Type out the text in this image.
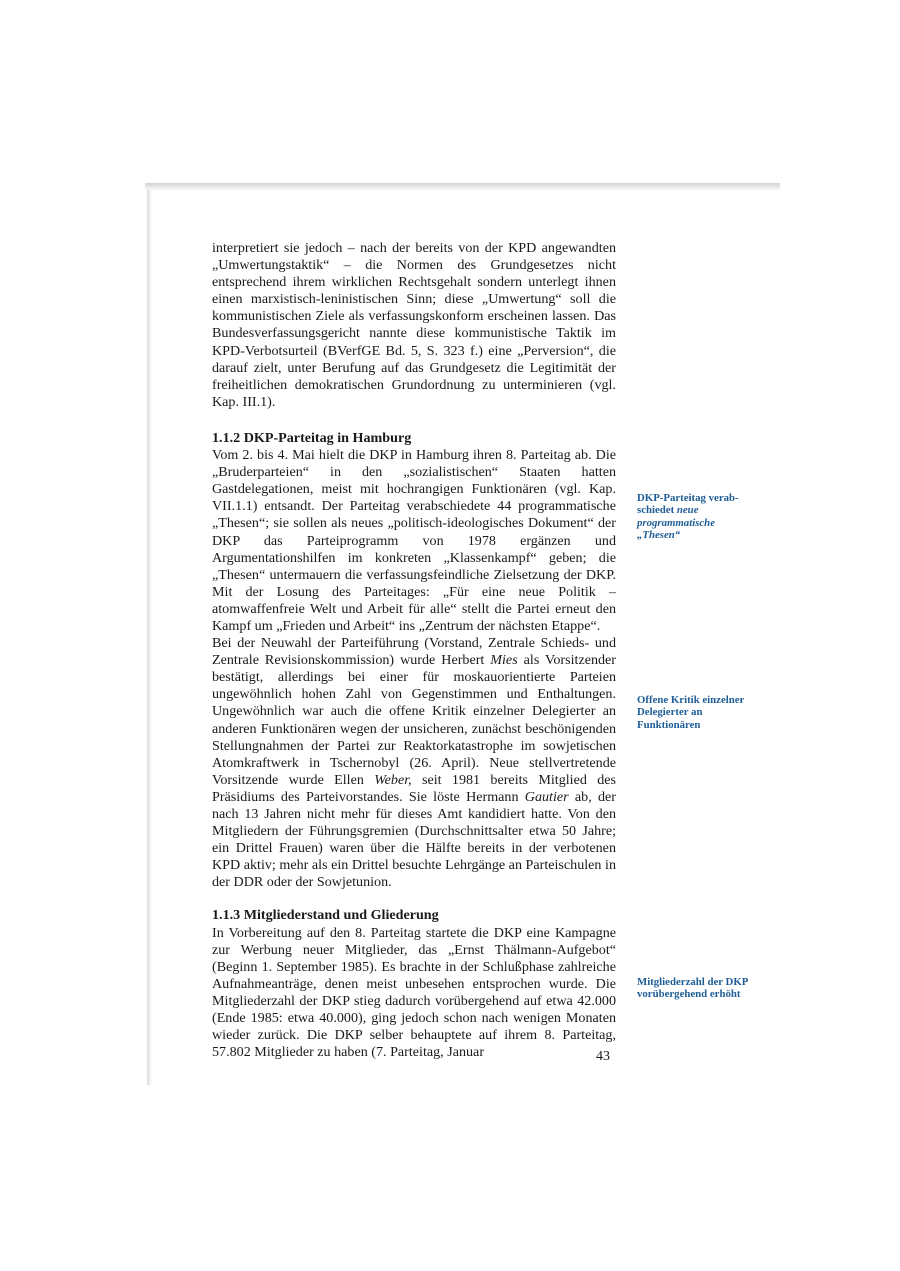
interpretiert sie jedoch – nach der bereits von der KPD angewandten „Umwertungstaktik“ – die Normen des Grundgesetzes nicht entsprechend ihrem wirklichen Rechtsgehalt sondern unterlegt ihnen einen marxistisch-leninistischen Sinn; diese „Umwertung“ soll die kommunistischen Ziele als verfassungskonform erscheinen lassen. Das Bundesverfassungsgericht nannte diese kommunistische Taktik im KPD-Verbotsurteil (BVerfGE Bd. 5, S. 323 f.) eine „Perversion“, die darauf zielt, unter Berufung auf das Grundgesetz die Legitimität der freiheitlichen demokratischen Grundordnung zu unterminieren (vgl. Kap. III.1).

1.1.2 DKP-Parteitag in Hamburg

Vom 2. bis 4. Mai hielt die DKP in Hamburg ihren 8. Parteitag ab. Die „Bruderparteien“ in den „sozialistischen“ Staaten hatten Gastdelegationen, meist mit hochrangigen Funktionären (vgl. Kap. VII.1.1) entsandt. Der Parteitag verabschiedete 44 programmatische „Thesen“; sie sollen als neues „politisch-ideologisches Dokument“ der DKP das Parteiprogramm von 1978 ergänzen und Argumentationshilfen im konkreten „Klassenkampf“ geben; die „Thesen“ untermauern die verfassungsfeindliche Zielsetzung der DKP. Mit der Losung des Parteitages: „Für eine neue Politik – atomwaffenfreie Welt und Arbeit für alle“ stellt die Partei erneut den Kampf um „Frieden und Arbeit“ ins „Zentrum der nächsten Etappe“.

Bei der Neuwahl der Parteiführung (Vorstand, Zentrale Schieds- und Zentrale Revisionskommission) wurde Herbert Mies als Vorsitzender bestätigt, allerdings bei einer für moskauorientierte Parteien ungewöhnlich hohen Zahl von Gegenstimmen und Enthaltungen. Ungewöhnlich war auch die offene Kritik einzelner Delegierter an anderen Funktionären wegen der unsicheren, zunächst beschönigenden Stellungnahmen der Partei zur Reaktorkatastrophe im sowjetischen Atomkraftwerk in Tschernobyl (26. April). Neue stellvertretende Vorsitzende wurde Ellen Weber, seit 1981 bereits Mitglied des Präsidiums des Parteivorstandes. Sie löste Hermann Gautier ab, der nach 13 Jahren nicht mehr für dieses Amt kandidiert hatte. Von den Mitgliedern der Führungsgremien (Durchschnittsalter etwa 50 Jahre; ein Drittel Frauen) waren über die Hälfte bereits in der verbotenen KPD aktiv; mehr als ein Drittel besuchte Lehrgänge an Parteischulen in der DDR oder der Sowjetunion.

1.1.3 Mitgliederstand und Gliederung

In Vorbereitung auf den 8. Parteitag startete die DKP eine Kampagne zur Werbung neuer Mitglieder, das „Ernst Thälmann-Aufgebot“ (Beginn 1. September 1985). Es brachte in der Schlußphase zahlreiche Aufnahmeanträge, denen meist unbesehen entsprochen wurde. Die Mitgliederzahl der DKP stieg dadurch vorübergehend auf etwa 42.000 (Ende 1985: etwa 40.000), ging jedoch schon nach wenigen Monaten wieder zurück. Die DKP selber behauptete auf ihrem 8. Parteitag, 57.802 Mitglieder zu haben (7. Parteitag, Januar

DKP-Parteitag verab-schiedet neue programmatische „Thesen“
Offene Kritik einzelner Delegierter an Funktionären
Mitgliederzahl der DKP vorübergehend erhöht
43
